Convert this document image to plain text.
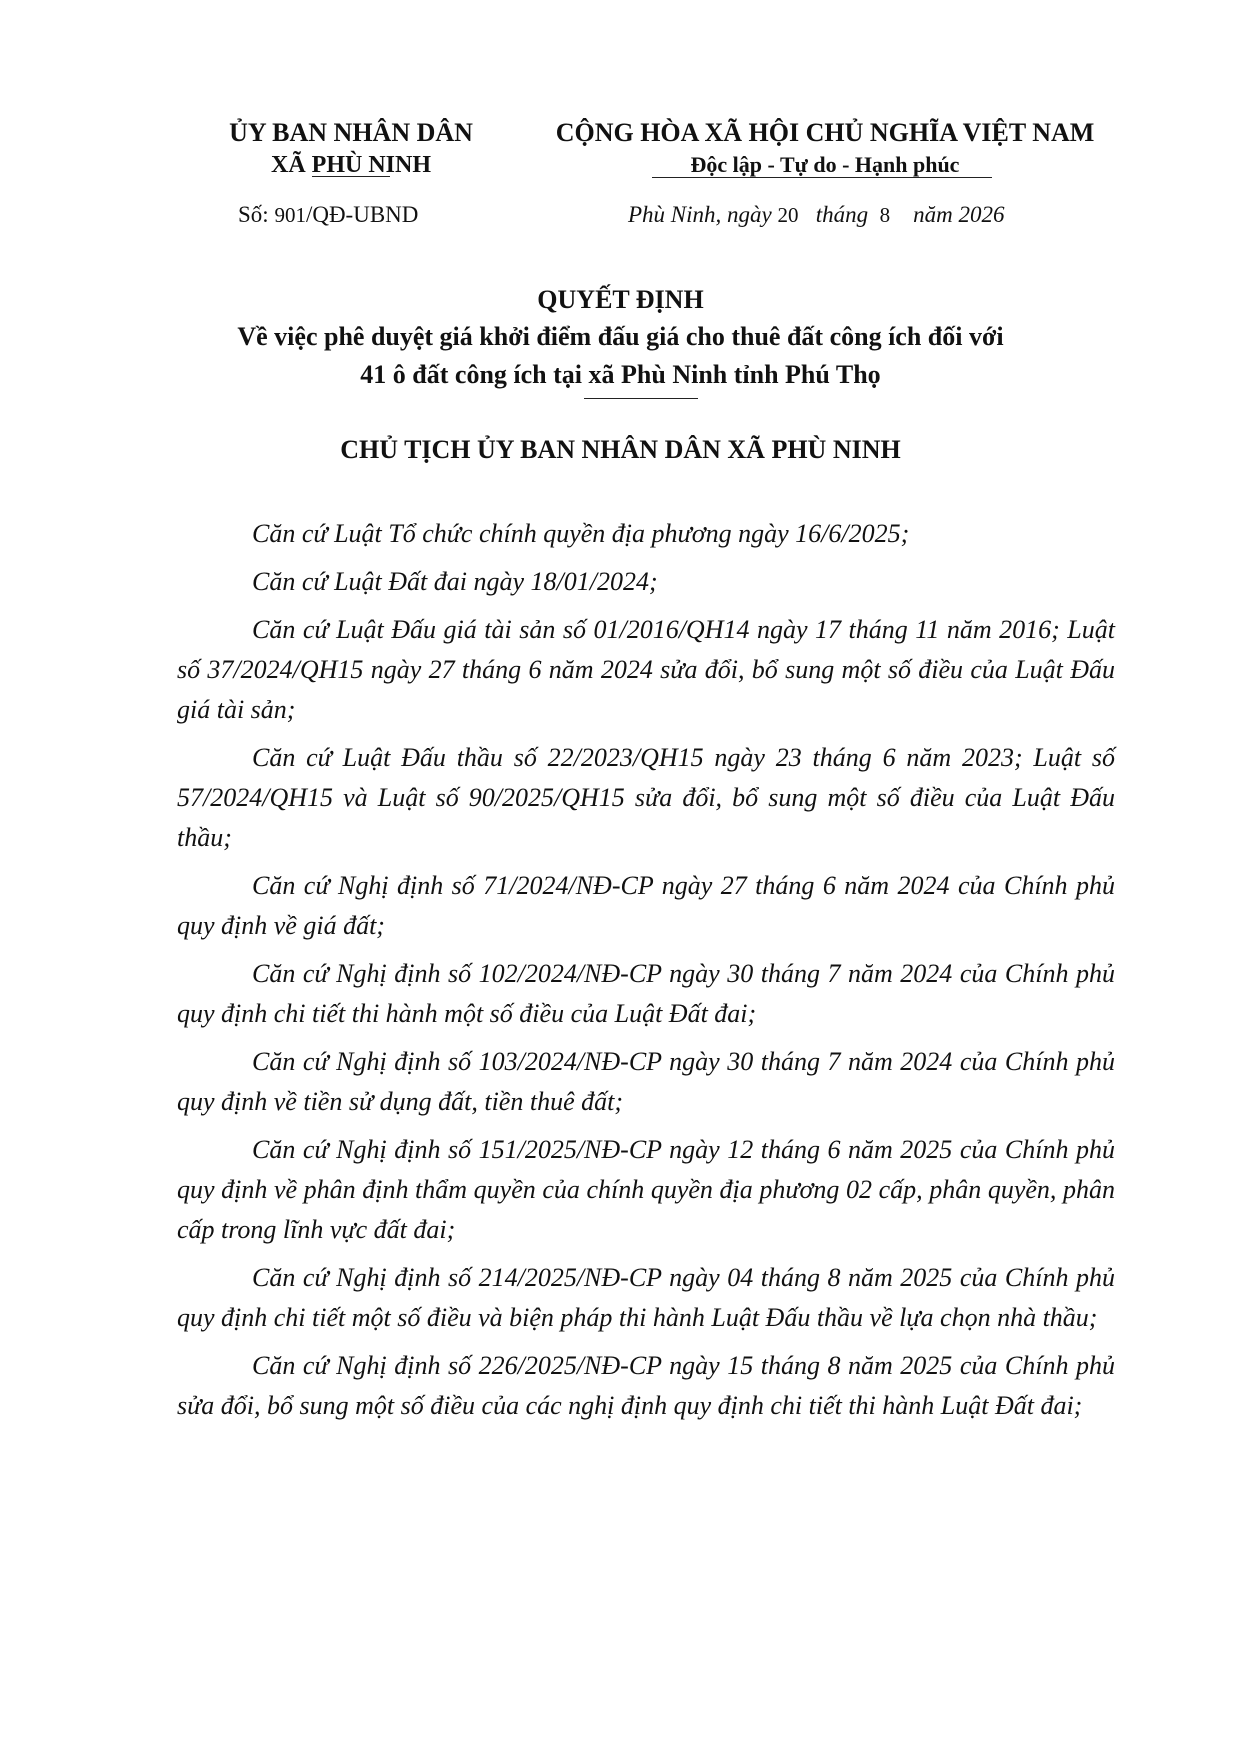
ỦY BAN NHÂN DÂN
XÃ PHÙ NINH
CỘNG HÒA XÃ HỘI CHỦ NGHĨA VIỆT NAM
Độc lập - Tự do - Hạnh phúc
Số: 901/QĐ-UBND	Phù Ninh, ngày 20 tháng 8 năm 2026
QUYẾT ĐỊNH
Về việc phê duyệt giá khởi điểm đấu giá cho thuê đất công ích đối với
41 ô đất công ích tại xã Phù Ninh tỉnh Phú Thọ
CHỦ TỊCH ỦY BAN NHÂN DÂN XÃ PHÙ NINH

Căn cứ Luật Tổ chức chính quyền địa phương ngày 16/6/2025;

Căn cứ Luật Đất đai ngày 18/01/2024;

Căn cứ Luật Đấu giá tài sản số 01/2016/QH14 ngày 17 tháng 11 năm 2016; Luật số 37/2024/QH15 ngày 27 tháng 6 năm 2024 sửa đổi, bổ sung một số điều của Luật Đấu giá tài sản;

Căn cứ Luật Đấu thầu số 22/2023/QH15 ngày 23 tháng 6 năm 2023; Luật số 57/2024/QH15 và Luật số 90/2025/QH15 sửa đổi, bổ sung một số điều của Luật Đấu thầu;

Căn cứ Nghị định số 71/2024/NĐ-CP ngày 27 tháng 6 năm 2024 của Chính phủ quy định về giá đất;

Căn cứ Nghị định số 102/2024/NĐ-CP ngày 30 tháng 7 năm 2024 của Chính phủ quy định chi tiết thi hành một số điều của Luật Đất đai;

Căn cứ Nghị định số 103/2024/NĐ-CP ngày 30 tháng 7 năm 2024 của Chính phủ quy định về tiền sử dụng đất, tiền thuê đất;

Căn cứ Nghị định số 151/2025/NĐ-CP ngày 12 tháng 6 năm 2025 của Chính phủ quy định về phân định thẩm quyền của chính quyền địa phương 02 cấp, phân quyền, phân cấp trong lĩnh vực đất đai;

Căn cứ Nghị định số 214/2025/NĐ-CP ngày 04 tháng 8 năm 2025 của Chính phủ quy định chi tiết một số điều và biện pháp thi hành Luật Đấu thầu về lựa chọn nhà thầu;

Căn cứ Nghị định số 226/2025/NĐ-CP ngày 15 tháng 8 năm 2025 của Chính phủ sửa đổi, bổ sung một số điều của các nghị định quy định chi tiết thi hành Luật Đất đai;
